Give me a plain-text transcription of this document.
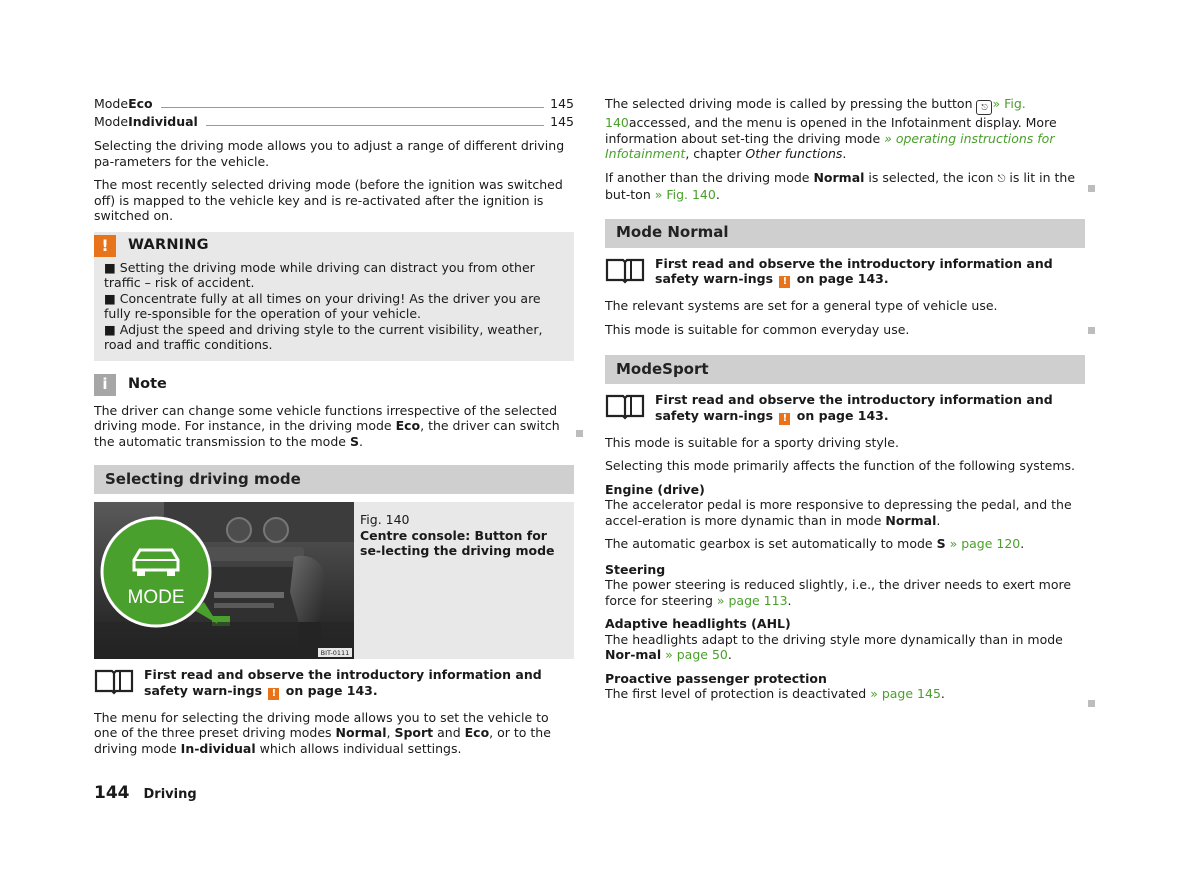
Mode Eco	145
Mode Individual	145

Selecting the driving mode allows you to adjust a range of different driving pa-rameters for the vehicle.

The most recently selected driving mode (before the ignition was switched off) is mapped to the vehicle key and is re-activated after the ignition is switched on.

!	WARNING
■ Setting the driving mode while driving can distract you from other traffic – risk of accident.
■ Concentrate fully at all times on your driving! As the driver you are fully re-sponsible for the operation of your vehicle.
■ Adjust the speed and driving style to the current visibility, weather, road and traffic conditions.
i	Note

The driver can change some vehicle functions irrespective of the selected driving mode. For instance, in the driving mode Eco, the driver can switch the automatic transmission to the mode S.

Selecting driving mode
BIT-0111
MODE
Fig. 140
Centre console: Button for se-lecting the driving mode
First read and observe the introductory information and safety warn-ings ! on page 143.

The menu for selecting the driving mode allows you to set the vehicle to one of the three preset driving modes Normal, Sport and Eco, or to the driving mode In-dividual which allows individual settings.

The selected driving mode is called by pressing the button ⎋ » Fig. 140accessed, and the menu is opened in the Infotainment display. More information about set-ting the driving mode » operating instructions for Infotainment, chapter Other functions.

If another than the driving mode Normal is selected, the icon ⎋ is lit in the but-ton » Fig. 140.

Mode Normal
First read and observe the introductory information and safety warn-ings ! on page 143.

The relevant systems are set for a general type of vehicle use.

This mode is suitable for common everyday use.

ModeSport
First read and observe the introductory information and safety warn-ings ! on page 143.

This mode is suitable for a sporty driving style.

Selecting this mode primarily affects the function of the following systems.

Engine (drive)

The accelerator pedal is more responsive to depressing the pedal, and the accel-eration is more dynamic than in mode Normal.

The automatic gearbox is set automatically to mode S » page 120.

Steering

The power steering is reduced slightly, i.e., the driver needs to exert more force for steering » page 113.

Adaptive headlights (AHL)

The headlights adapt to the driving style more dynamically than in mode Nor-mal » page 50.

Proactive passenger protection

The first level of protection is deactivated » page 145.

144 Driving
